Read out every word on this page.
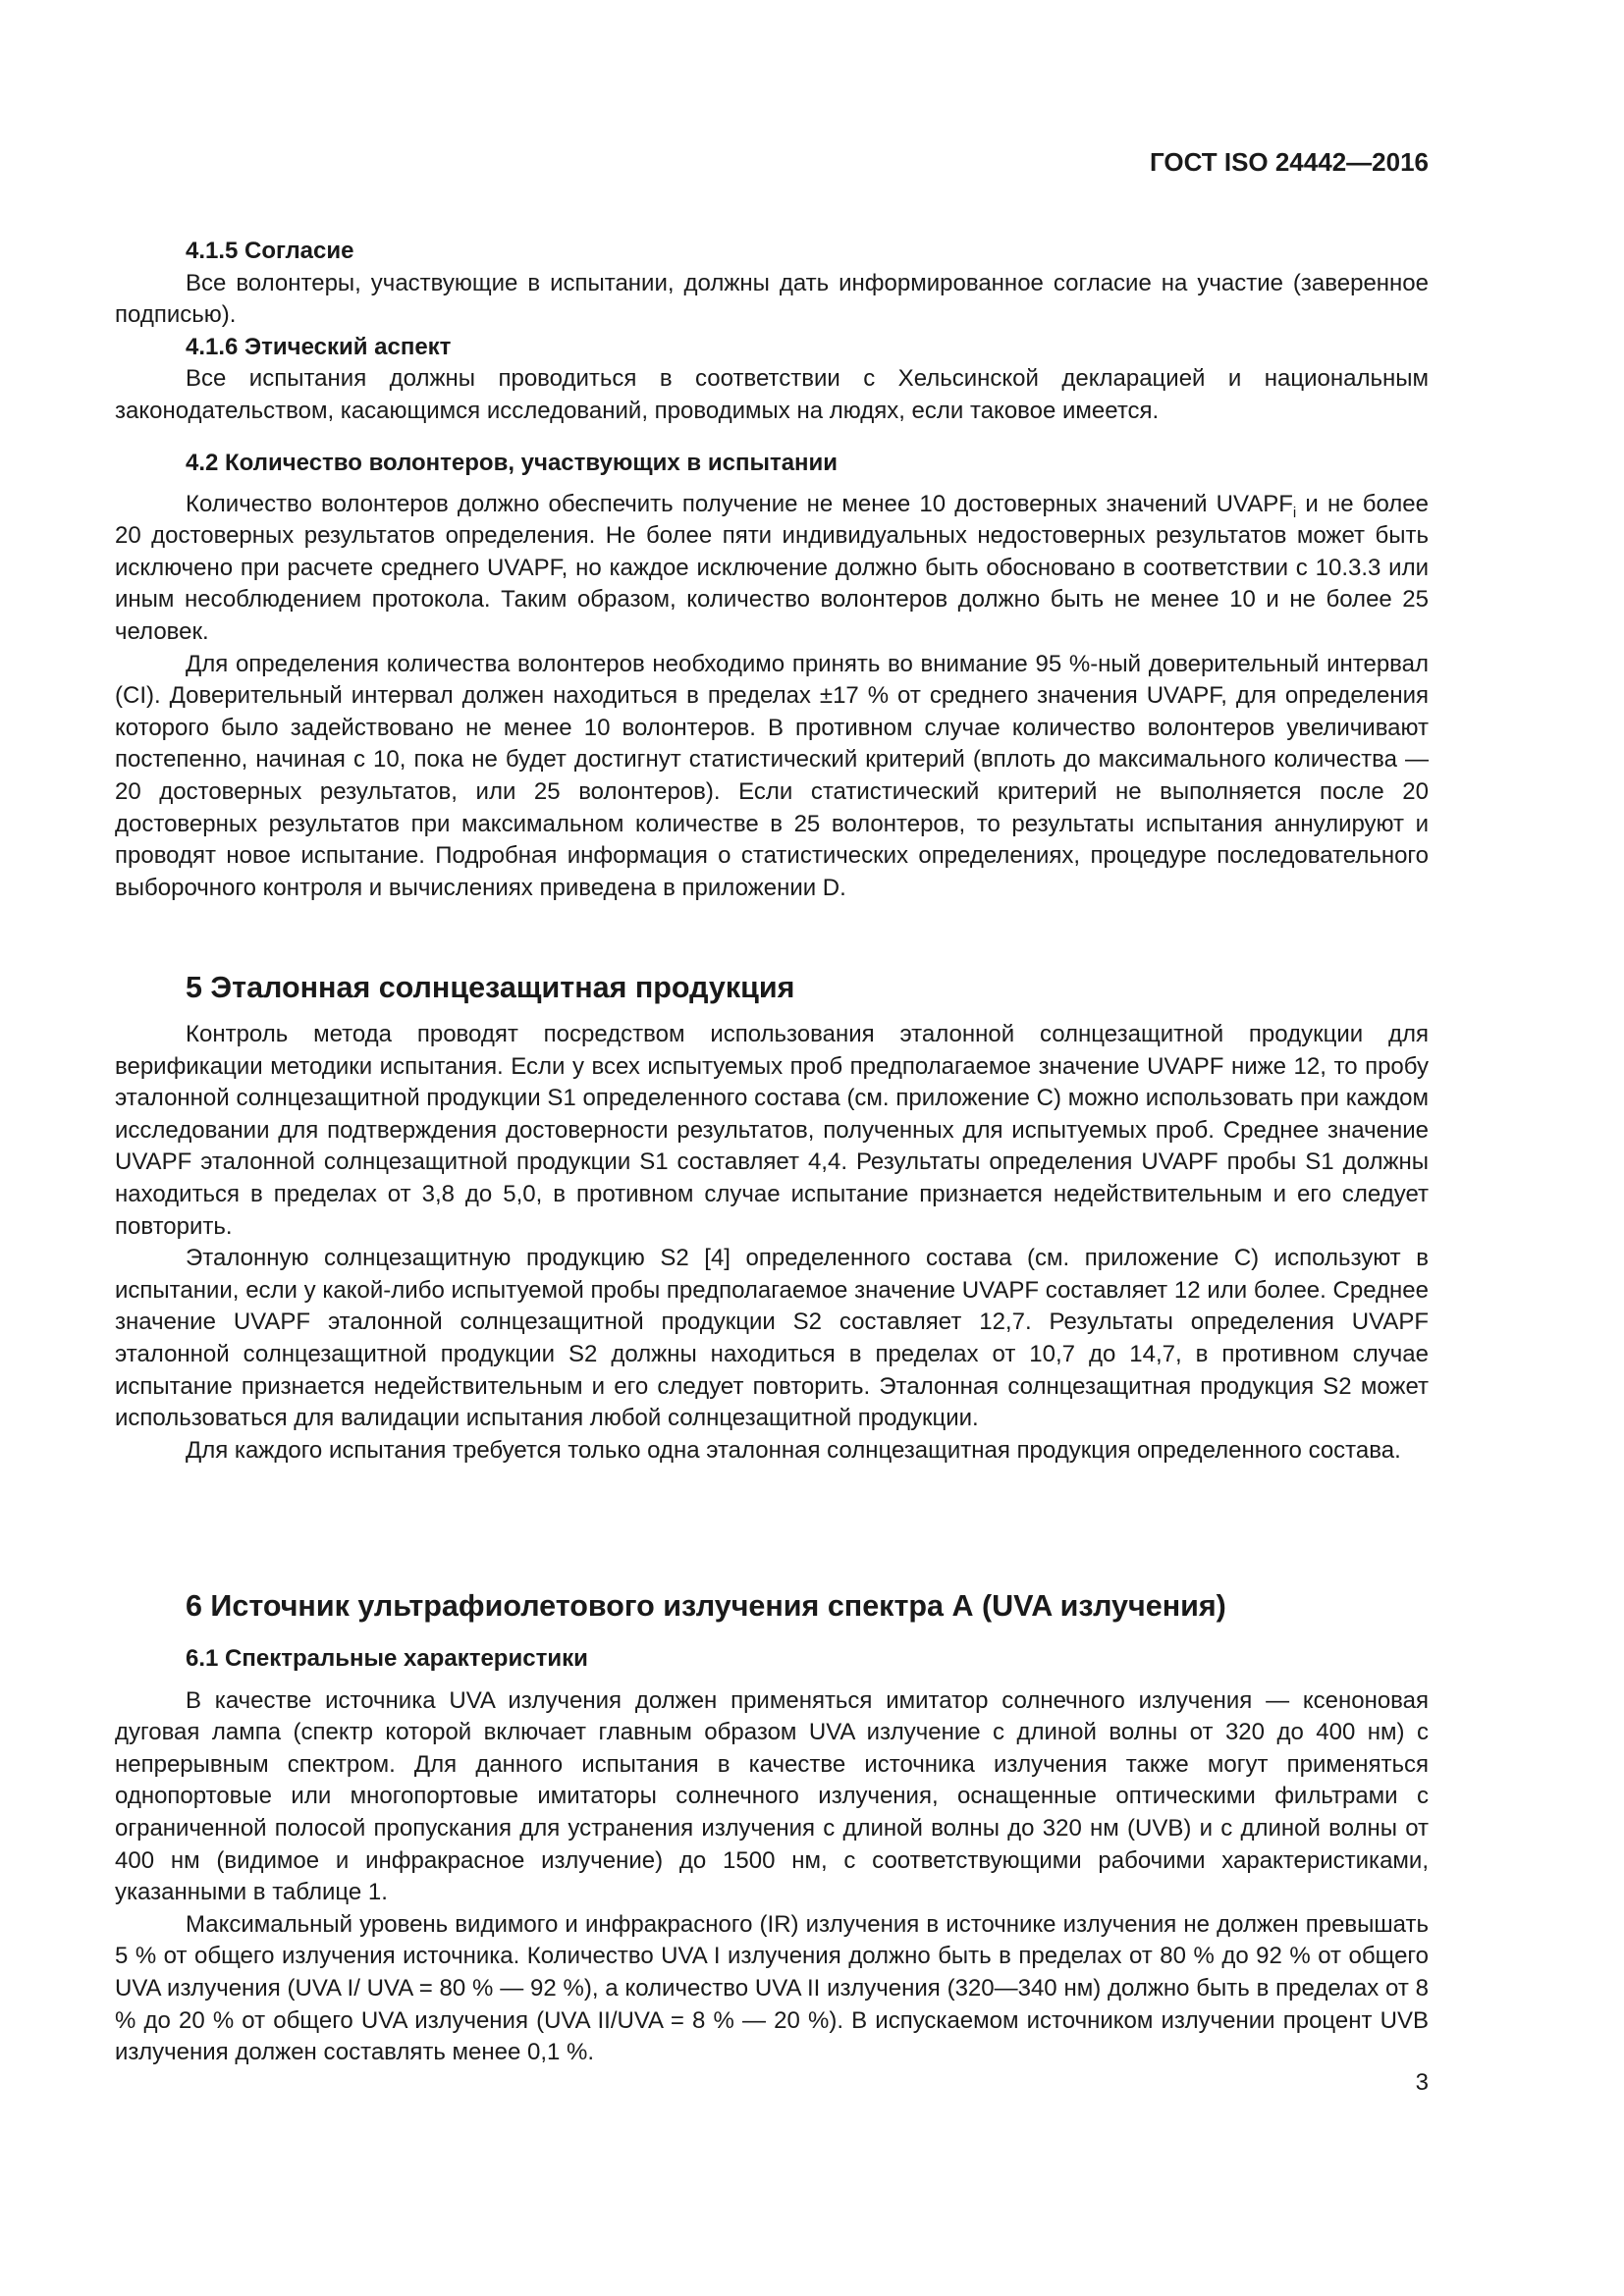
ГОСТ ISO 24442—2016
4.1.5 Согласие

Все волонтеры, участвующие в испытании, должны дать информированное согласие на участие (заверенное подписью).

4.1.6 Этический аспект

Все испытания должны проводиться в соответствии с Хельсинской декларацией и национальным законодательством, касающимся исследований, проводимых на людях, если таковое имеется.

4.2 Количество волонтеров, участвующих в испытании

Количество волонтеров должно обеспечить получение не менее 10 достоверных значений $UVAPF_i$ и не более 20 достоверных результатов определения. Не более пяти индивидуальных недостоверных результатов может быть исключено при расчете среднего UVAPF, но каждое исключение должно быть обосновано в соответствии с 10.3.3 или иным несоблюдением протокола. Таким образом, количество волонтеров должно быть не менее 10 и не более 25 человек.

Для определения количества волонтеров необходимо принять во внимание 95 %-ный доверительный интервал (CI). Доверительный интервал должен находиться в пределах ±17 % от среднего значения UVAPF, для определения которого было задействовано не менее 10 волонтеров. В противном случае количество волонтеров увеличивают постепенно, начиная с 10, пока не будет достигнут статистический критерий (вплоть до максимального количества — 20 достоверных результатов, или 25 волонтеров). Если статистический критерий не выполняется после 20 достоверных результатов при максимальном количестве в 25 волонтеров, то результаты испытания аннулируют и проводят новое испытание. Подробная информация о статистических определениях, процедуре последовательного выборочного контроля и вычислениях приведена в приложении D.

5 Эталонная солнцезащитная продукция

Контроль метода проводят посредством использования эталонной солнцезащитной продукции для верификации методики испытания. Если у всех испытуемых проб предполагаемое значение UVAPF ниже 12, то пробу эталонной солнцезащитной продукции S1 определенного состава (см. приложение С) можно использовать при каждом исследовании для подтверждения достоверности результатов, полученных для испытуемых проб. Среднее значение UVAPF эталонной солнцезащитной продукции S1 составляет 4,4. Результаты определения UVAPF пробы S1 должны находиться в пределах от 3,8 до 5,0, в противном случае испытание признается недействительным и его следует повторить.

Эталонную солнцезащитную продукцию S2 [4] определенного состава (см. приложение С) используют в испытании, если у какой-либо испытуемой пробы предполагаемое значение UVAPF составляет 12 или более. Среднее значение UVAPF эталонной солнцезащитной продукции S2 составляет 12,7. Результаты определения UVAPF эталонной солнцезащитной продукции S2 должны находиться в пределах от 10,7 до 14,7, в противном случае испытание признается недействительным и его следует повторить. Эталонная солнцезащитная продукция S2 может использоваться для валидации испытания любой солнцезащитной продукции.

Для каждого испытания требуется только одна эталонная солнцезащитная продукция определенного состава.

6 Источник ультрафиолетового излучения спектра А (UVA излучения)
6.1 Спектральные характеристики

В качестве источника UVA излучения должен применяться имитатор солнечного излучения — ксеноновая дуговая лампа (спектр которой включает главным образом UVA излучение с длиной волны от 320 до 400 нм) с непрерывным спектром. Для данного испытания в качестве источника излучения также могут применяться однопортовые или многопортовые имитаторы солнечного излучения, оснащенные оптическими фильтрами с ограниченной полосой пропускания для устранения излучения с длиной волны до 320 нм (UVB) и с длиной волны от 400 нм (видимое и инфракрасное излучение) до 1500 нм, с соответствующими рабочими характеристиками, указанными в таблице 1.

Максимальный уровень видимого и инфракрасного (IR) излучения в источнике излучения не должен превышать 5 % от общего излучения источника. Количество UVA I излучения должно быть в пределах от 80 % до 92 % от общего UVA излучения (UVA I/ UVA = 80 % — 92 %), а количество UVA II излучения (320—340 нм) должно быть в пределах от 8 % до 20 % от общего UVA излучения (UVA II/UVA = 8 % — 20 %). В испускаемом источником излучении процент UVB излучения должен составлять менее 0,1 %.

3
